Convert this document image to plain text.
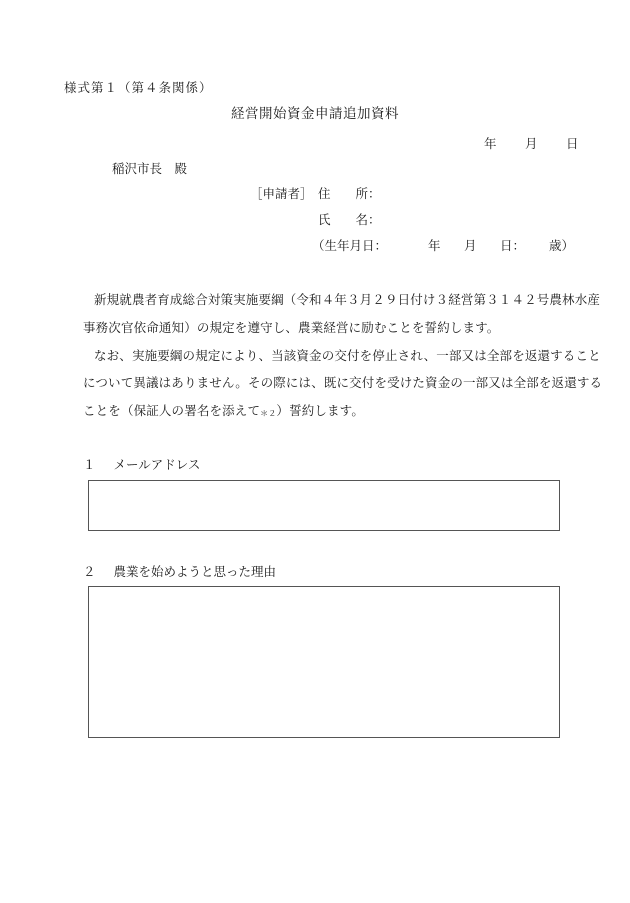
様式第１（第４条関係）
経営開始資金申請追加資料
年 月 日
稲沢市長　殿
［申請者］ 住　　所：
氏　　名：
（生年月日：	年 月 日： 歳）
新規就農者育成総合対策実施要綱（令和４年３月２９日付け３経営第３１４２号農林水産
事務次官依命通知）の規定を遵守し、農業経営に励むことを誓約します。
なお、実施要綱の規定により、当該資金の交付を停止され、一部又は全部を返還すること
について異議はありません。その際には、既に交付を受けた資金の一部又は全部を返還する
ことを（保証人の署名を添えて$_{*2}$）誓約します。
１ メールアドレス
２ 農業を始めようと思った理由
